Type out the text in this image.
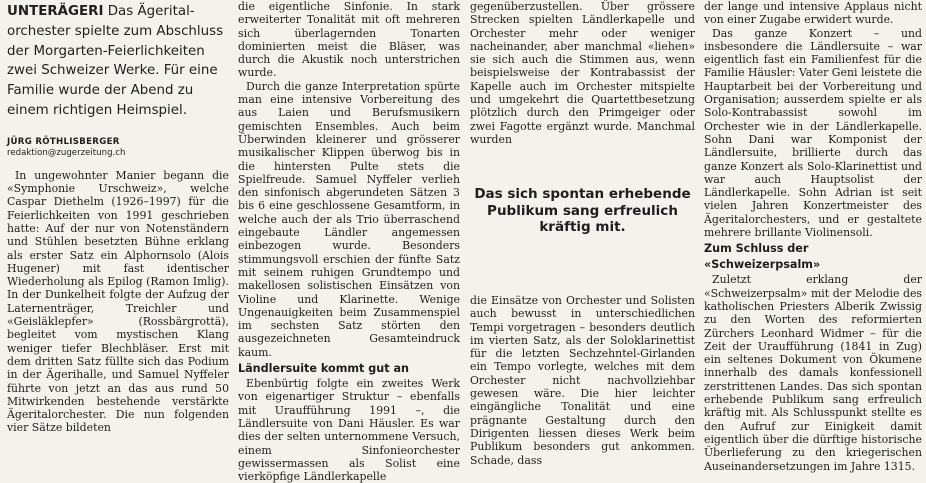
UNTERÄGERI Das Ägerital-orchester spielte zum Abschluss der Morgarten-Feierlichkeiten zwei Schweizer Werke. Für eine Familie wurde der Abend zu einem richtigen Heimspiel.
JÜRG RÖTHLISBERGER
redaktion@zugerzeitung.ch

In ungewohnter Manier begann die «Symphonie Urschweiz», welche Caspar Diethelm (1926–1997) für die Feierlichkeiten von 1991 geschrieben hatte: Auf der nur von Notenständern und Stühlen besetzten Bühne erklang als erster Satz ein Alphornsolo (Alois Hugener) mit fast identischer Wiederholung als Epilog (Ramon Imlig). In der Dunkelheit folgte der Aufzug der Laternenträger, Treichler und «Geisläklepfer» (Rossbärgrottä), begleitet vom mystischen Klang weniger tiefer Blechbläser. Erst mit dem dritten Satz füllte sich das Podium in der Ägerihalle, und Samuel Nyffeler führte von jetzt an das aus rund 50 Mitwirkenden bestehende verstärkte Ägeritalorchester. Die nun folgenden vier Sätze bildeten

die eigentliche Sinfonie. In stark erweiterter Tonalität mit oft mehreren sich überlagernden Tonarten dominierten meist die Bläser, was durch die Akustik noch unterstrichen wurde.

Durch die ganze Interpretation spürte man eine intensive Vorbereitung des aus Laien und Berufsmusikern gemischten Ensembles. Auch beim Überwinden kleinerer und grösserer musikalischer Klippen überwog bis in die hintersten Pulte stets die Spielfreude. Samuel Nyffeler verlieh den sinfonisch abgerundeten Sätzen 3 bis 6 eine geschlossene Gesamtform, in welche auch der als Trio überraschend eingebaute Ländler angemessen einbezogen wurde. Besonders stimmungsvoll erschien der fünfte Satz mit seinem ruhigen Grundtempo und makellosen solistischen Einsätzen von Violine und Klarinette. Wenige Ungenauigkeiten beim Zusammenspiel im sechsten Satz störten den ausgezeichneten Gesamteindruck kaum.

Ländlersuite kommt gut an

Ebenbürtig folgte ein zweites Werk von eigenartiger Struktur – ebenfalls mit Uraufführung 1991 –, die Ländlersuite von Dani Häusler. Es war dies der selten unternommene Versuch, einem Sinfonieorchester gewissermassen als Solist eine vierköpfige Ländlerkapelle

gegenüberzustellen. Über grössere Strecken spielten Ländlerkapelle und Orchester mehr oder weniger nacheinander, aber manchmal «liehen» sie sich auch die Stimmen aus, wenn beispielsweise der Kontrabassist der Kapelle auch im Orchester mitspielte und umgekehrt die Quartettbesetzung plötzlich durch den Primgeiger oder zwei Fagotte ergänzt wurde. Manchmal wurden

Das sich spontan erhebende Publikum sang erfreulich kräftig mit.

die Einsätze von Orchester und Solisten auch bewusst in unterschiedlichen Tempi vorgetragen – besonders deutlich im vierten Satz, als der Soloklarinettist für die letzten Sechzehntel-Girlanden ein Tempo vorlegte, welches mit dem Orchester nicht nachvollziehbar gewesen wäre. Die hier leichter eingängliche Tonalität und eine prägnante Gestaltung durch den Dirigenten liessen dieses Werk beim Publikum besonders gut ankommen. Schade, dass

der lange und intensive Applaus nicht von einer Zugabe erwidert wurde.

Das ganze Konzert – und insbesondere die Ländlersuite – war eigentlich fast ein Familienfest für die Familie Häusler: Vater Geni leistete die Hauptarbeit bei der Vorbereitung und Organisation; ausserdem spielte er als Solo-Kontrabassist sowohl im Orchester wie in der Ländlerkapelle. Sohn Dani war Komponist der Ländlersuite, brillierte durch das ganze Konzert als Solo-Klarinettist und war auch Hauptsolist der Ländlerkapelle. Sohn Adrian ist seit vielen Jahren Konzertmeister des Ägeritalorchesters, und er gestaltete mehrere brillante Violinensoli.

Zum Schluss der «Schweizerpsalm»

Zuletzt erklang der «Schweizerpsalm» mit der Melodie des katholischen Priesters Alberik Zwissig zu den Worten des reformierten Zürchers Leonhard Widmer – für die Zeit der Uraufführung (1841 in Zug) ein seltenes Dokument von Ökumene innerhalb des damals konfessionell zerstrittenen Landes. Das sich spontan erhebende Publikum sang erfreulich kräftig mit. Als Schlusspunkt stellte es den Aufruf zur Einigkeit damit eigentlich über die dürftige historische Überlieferung zu den kriegerischen Auseinandersetzungen im Jahre 1315.
